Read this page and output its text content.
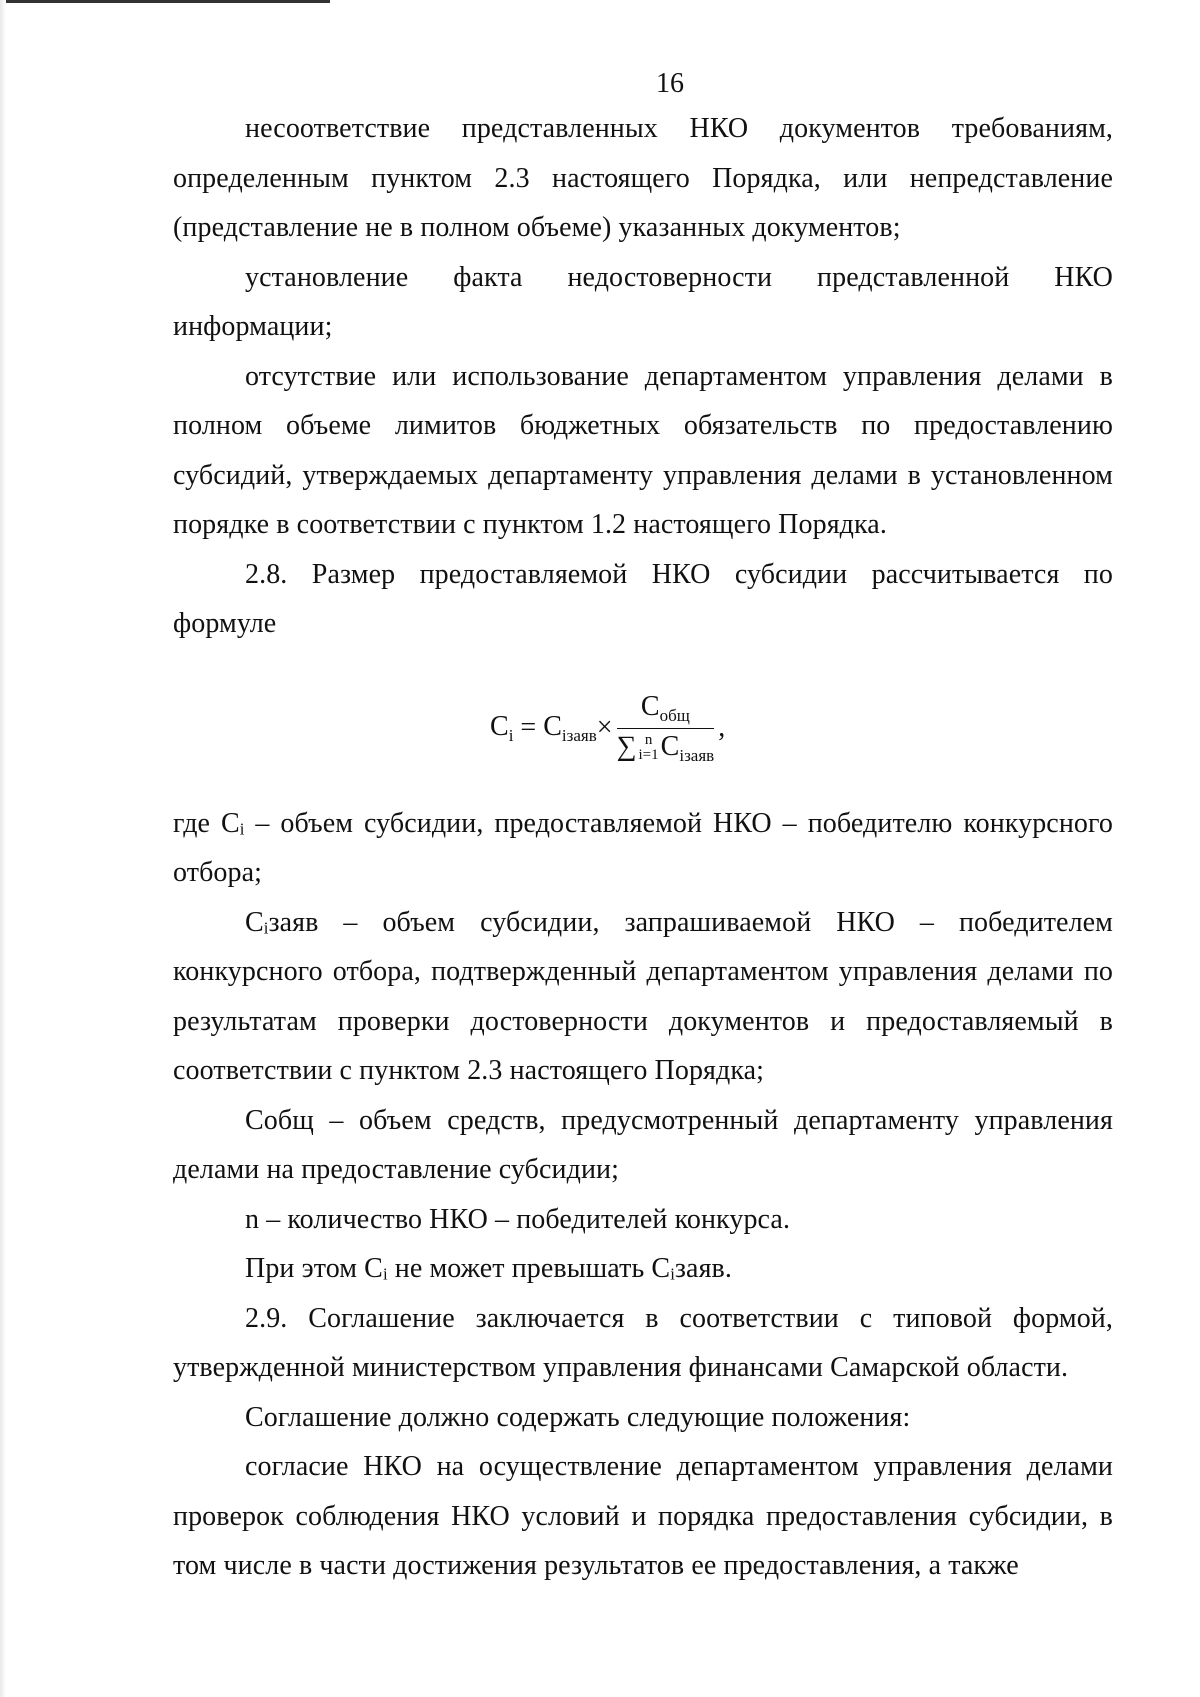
16

несоответствие представленных НКО документов требованиям, определенным пунктом 2.3 настоящего Порядка, или непредставление (представление не в полном объеме) указанных документов;

установление факта недостоверности представленной НКО информации;

отсутствие или использование департаментом управления делами в полном объеме лимитов бюджетных обязательств по предоставлению субсидий, утверждаемых департаменту управления делами в установленном порядке в соответствии с пунктом 1.2 настоящего Порядка.

2.8. Размер предоставляемой НКО субсидии рассчитывается по формуле

$C_i = C_{iзаяв}\times C_{общ}$
∑ n
i=1 $C_{iзаяв}$ ,

где Cᵢ – объем субсидии, предоставляемой НКО – победителю конкурсного отбора;

Cᵢзаяв – объем субсидии, запрашиваемой НКО – победителем конкурсного отбора, подтвержденный департаментом управления делами по результатам проверки достоверности документов и предоставляемый в соответствии с пунктом 2.3 настоящего Порядка;

Cобщ – объем средств, предусмотренный департаменту управления делами на предоставление субсидии;

n – количество НКО – победителей конкурса.

При этом Cᵢ не может превышать Cᵢзаяв.

2.9. Соглашение заключается в соответствии с типовой формой, утвержденной министерством управления финансами Самарской области.

Соглашение должно содержать следующие положения:

согласие НКО на осуществление департаментом управления делами проверок соблюдения НКО условий и порядка предоставления субсидии, в том числе в части достижения результатов ее предоставления, а также
